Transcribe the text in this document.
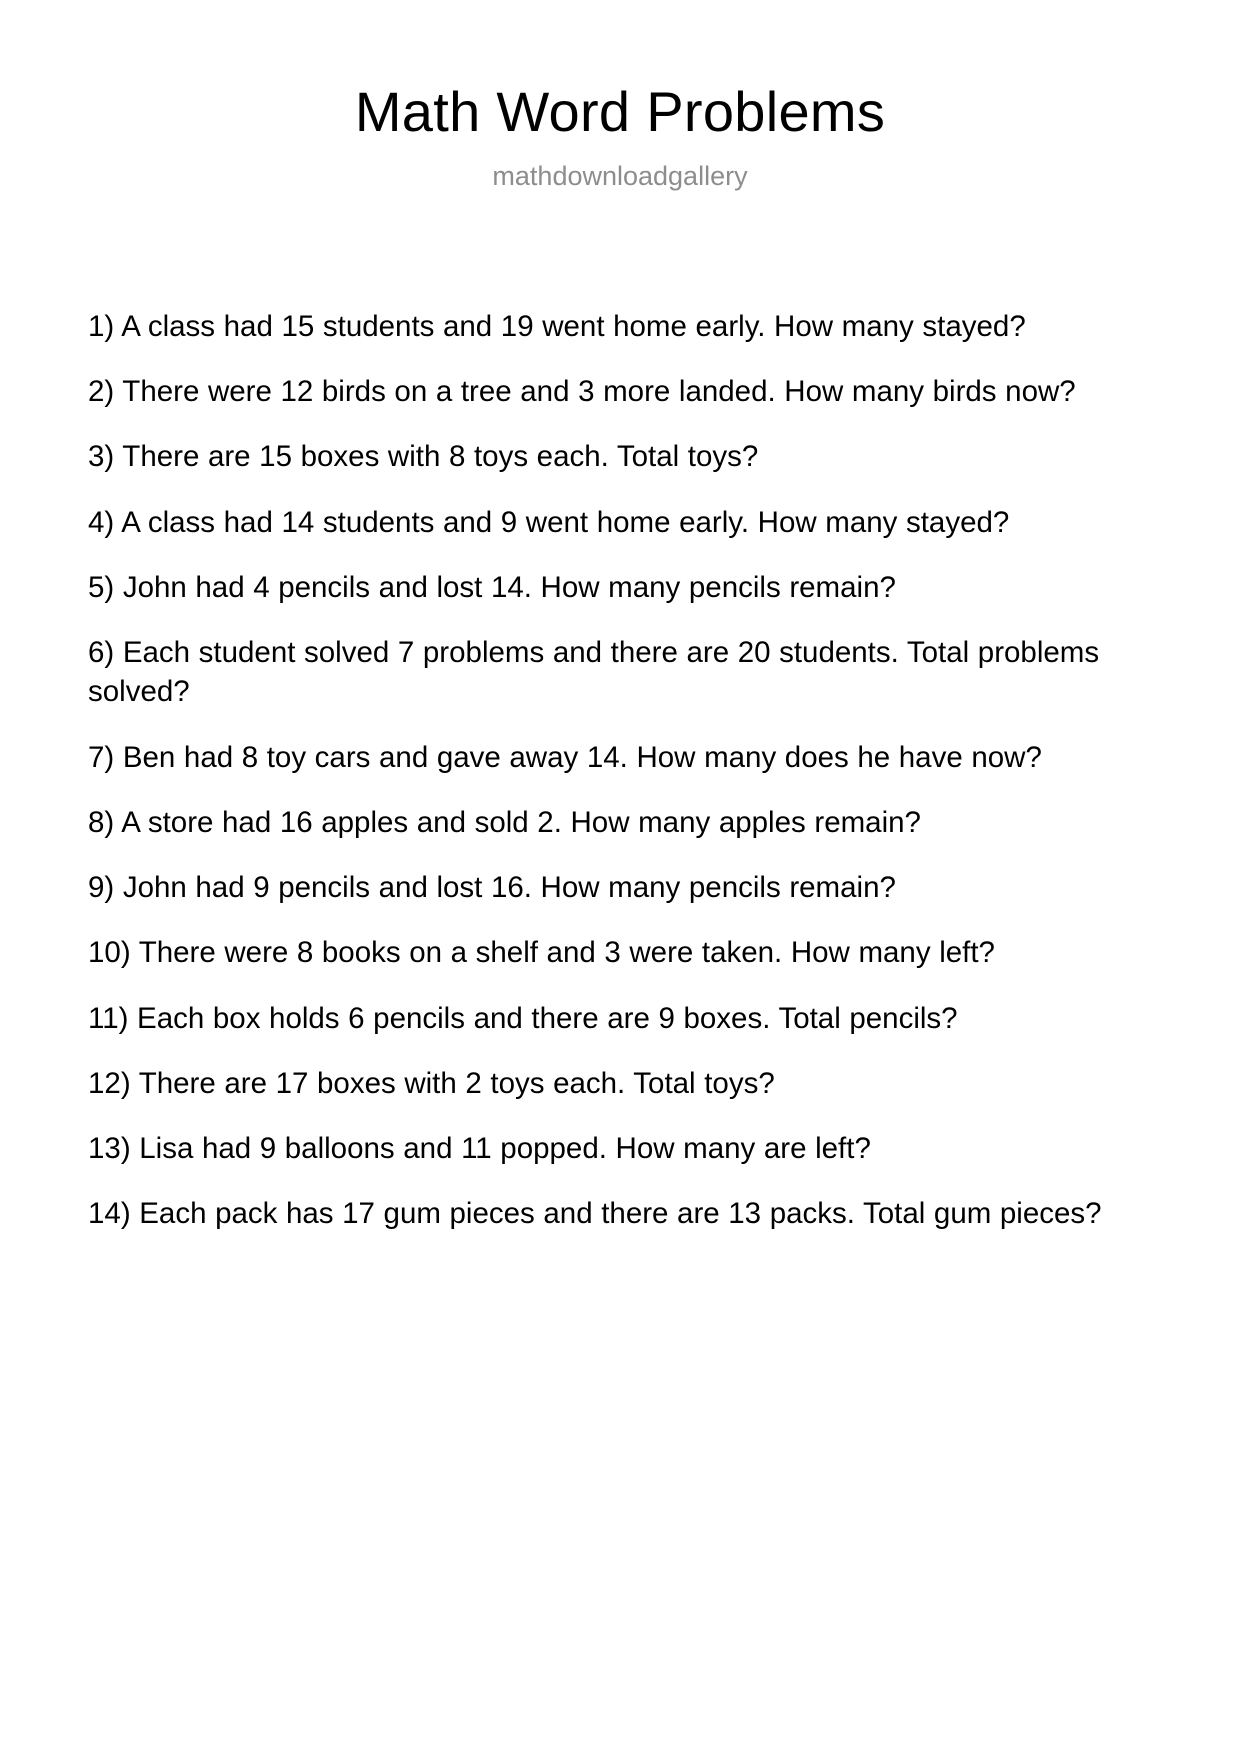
Math Word Problems
mathdownloadgallery
1) A class had 15 students and 19 went home early. How many stayed?
2) There were 12 birds on a tree and 3 more landed. How many birds now?
3) There are 15 boxes with 8 toys each. Total toys?
4) A class had 14 students and 9 went home early. How many stayed?
5) John had 4 pencils and lost 14. How many pencils remain?
6) Each student solved 7 problems and there are 20 students. Total problems solved?
7) Ben had 8 toy cars and gave away 14. How many does he have now?
8) A store had 16 apples and sold 2. How many apples remain?
9) John had 9 pencils and lost 16. How many pencils remain?
10) There were 8 books on a shelf and 3 were taken. How many left?
11) Each box holds 6 pencils and there are 9 boxes. Total pencils?
12) There are 17 boxes with 2 toys each. Total toys?
13) Lisa had 9 balloons and 11 popped. How many are left?
14) Each pack has 17 gum pieces and there are 13 packs. Total gum pieces?
